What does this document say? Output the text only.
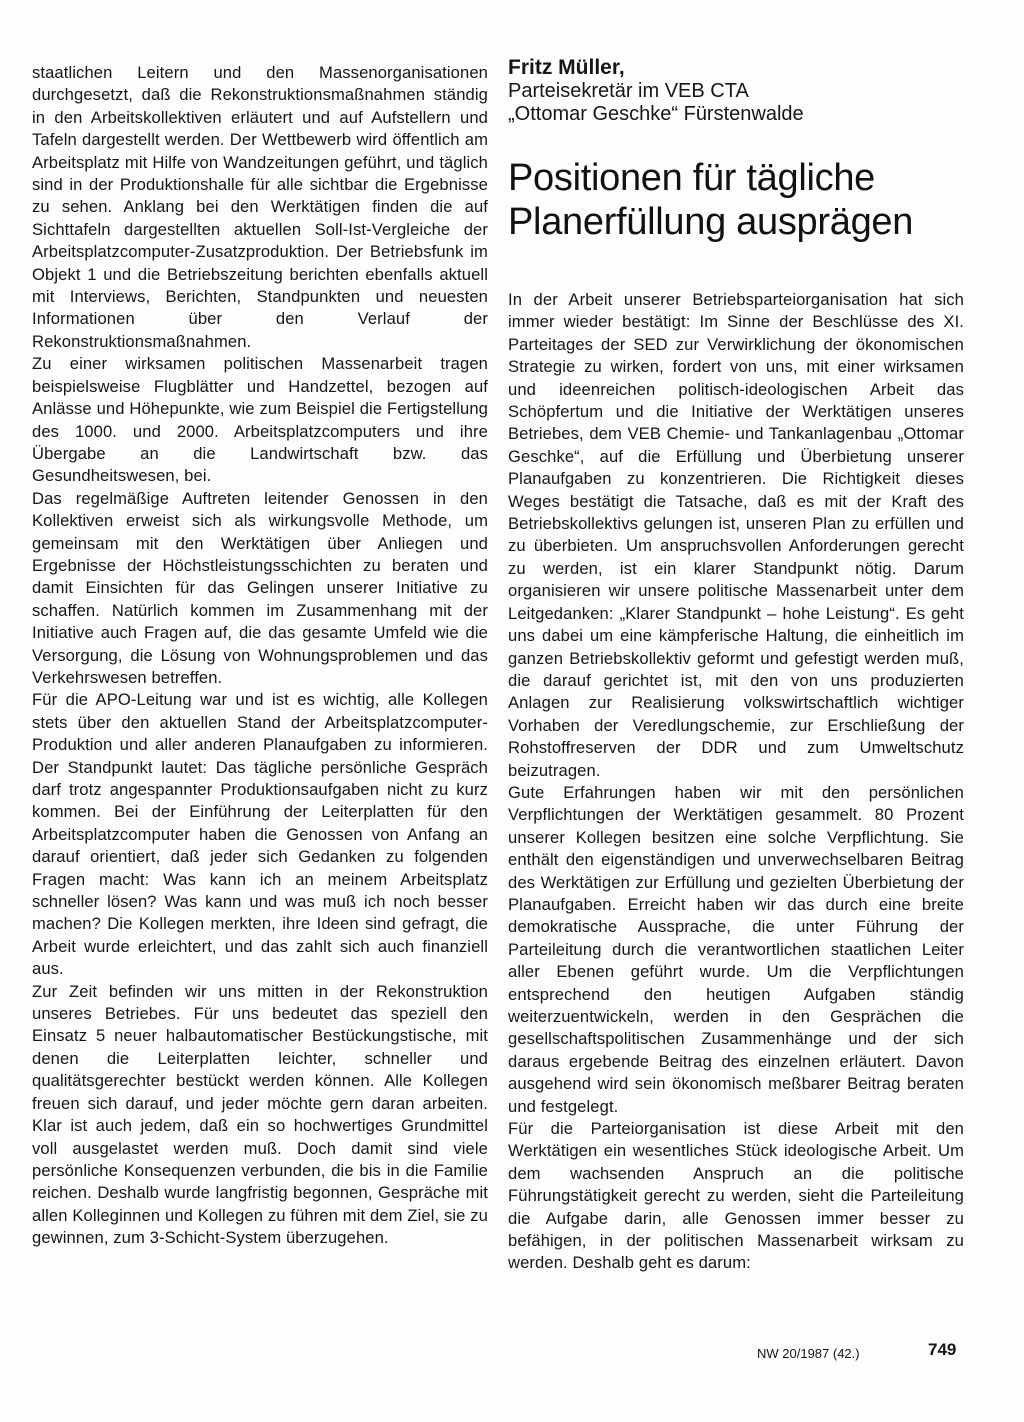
staatlichen Leitern und den Massenorganisationen durchgesetzt, daß die Rekonstruktionsmaßnahmen ständig in den Arbeitskollektiven erläutert und auf Aufstellern und Tafeln dargestellt werden. Der Wettbewerb wird öffentlich am Arbeitsplatz mit Hilfe von Wandzeitungen geführt, und täglich sind in der Produktionshalle für alle sichtbar die Ergebnisse zu sehen. Anklang bei den Werktätigen finden die auf Sichttafeln dargestellten aktuellen Soll-Ist-Vergleiche der Arbeitsplatzcomputer-Zusatzproduktion. Der Betriebsfunk im Objekt 1 und die Betriebszeitung berichten ebenfalls aktuell mit Interviews, Berichten, Standpunkten und neuesten Informationen über den Verlauf der Rekonstruktionsmaßnahmen.

Zu einer wirksamen politischen Massenarbeit tragen beispielsweise Flugblätter und Handzettel, bezogen auf Anlässe und Höhepunkte, wie zum Beispiel die Fertigstellung des 1000. und 2000. Arbeitsplatzcomputers und ihre Übergabe an die Landwirtschaft bzw. das Gesundheitswesen, bei.

Das regelmäßige Auftreten leitender Genossen in den Kollektiven erweist sich als wirkungsvolle Methode, um gemeinsam mit den Werktätigen über Anliegen und Ergebnisse der Höchstleistungsschichten zu beraten und damit Einsichten für das Gelingen unserer Initiative zu schaffen. Natürlich kommen im Zusammenhang mit der Initiative auch Fragen auf, die das gesamte Umfeld wie die Versorgung, die Lösung von Wohnungsproblemen und das Verkehrswesen betreffen.

Für die APO-Leitung war und ist es wichtig, alle Kollegen stets über den aktuellen Stand der Arbeitsplatzcomputer-Produktion und aller anderen Planaufgaben zu informieren. Der Standpunkt lautet: Das tägliche persönliche Gespräch darf trotz angespannter Produktionsaufgaben nicht zu kurz kommen. Bei der Einführung der Leiterplatten für den Arbeitsplatzcomputer haben die Genossen von Anfang an darauf orientiert, daß jeder sich Gedanken zu folgenden Fragen macht: Was kann ich an meinem Arbeitsplatz schneller lösen? Was kann und was muß ich noch besser machen? Die Kollegen merkten, ihre Ideen sind gefragt, die Arbeit wurde erleichtert, und das zahlt sich auch finanziell aus.

Zur Zeit befinden wir uns mitten in der Rekonstruktion unseres Betriebes. Für uns bedeutet das speziell den Einsatz 5 neuer halbautomatischer Bestückungstische, mit denen die Leiterplatten leichter, schneller und qualitätsgerechter bestückt werden können. Alle Kollegen freuen sich darauf, und jeder möchte gern daran arbeiten. Klar ist auch jedem, daß ein so hochwertiges Grundmittel voll ausgelastet werden muß. Doch damit sind viele persönliche Konsequenzen verbunden, die bis in die Familie reichen. Deshalb wurde langfristig begonnen, Gespräche mit allen Kolleginnen und Kollegen zu führen mit dem Ziel, sie zu gewinnen, zum 3-Schicht-System überzugehen.

Fritz Müller,

Parteisekretär im VEB CTA

„Ottomar Geschke“ Fürstenwalde

Positionen für tägliche
Planerfüllung ausprägen

In der Arbeit unserer Betriebsparteiorganisation hat sich immer wieder bestätigt: Im Sinne der Beschlüsse des XI. Parteitages der SED zur Verwirklichung der ökonomischen Strategie zu wirken, fordert von uns, mit einer wirksamen und ideenreichen politisch-ideologischen Arbeit das Schöpfertum und die Initiative der Werktätigen unseres Betriebes, dem VEB Chemie- und Tankanlagenbau „Ottomar Geschke“, auf die Erfüllung und Überbietung unserer Planaufgaben zu konzentrieren. Die Richtigkeit dieses Weges bestätigt die Tatsache, daß es mit der Kraft des Betriebskollektivs gelungen ist, unseren Plan zu erfüllen und zu überbieten. Um anspruchsvollen Anforderungen gerecht zu werden, ist ein klarer Standpunkt nötig. Darum organisieren wir unsere politische Massenarbeit unter dem Leitgedanken: „Klarer Standpunkt – hohe Leistung“. Es geht uns dabei um eine kämpferische Haltung, die einheitlich im ganzen Betriebskollektiv geformt und gefestigt werden muß, die darauf gerichtet ist, mit den von uns produzierten Anlagen zur Realisierung volkswirtschaftlich wichtiger Vorhaben der Veredlungschemie, zur Erschließung der Rohstoffreserven der DDR und zum Umweltschutz beizutragen.

Gute Erfahrungen haben wir mit den persönlichen Verpflichtungen der Werktätigen gesammelt. 80 Prozent unserer Kollegen besitzen eine solche Verpflichtung. Sie enthält den eigenständigen und unverwechselbaren Beitrag des Werktätigen zur Erfüllung und gezielten Überbietung der Planaufgaben. Erreicht haben wir das durch eine breite demokratische Aussprache, die unter Führung der Parteileitung durch die verantwortlichen staatlichen Leiter aller Ebenen geführt wurde. Um die Verpflichtungen entsprechend den heutigen Aufgaben ständig weiterzuentwickeln, werden in den Gesprächen die gesellschaftspolitischen Zusammenhänge und der sich daraus ergebende Beitrag des einzelnen erläutert. Davon ausgehend wird sein ökonomisch meßbarer Beitrag beraten und festgelegt.

Für die Parteiorganisation ist diese Arbeit mit den Werktätigen ein wesentliches Stück ideologische Arbeit. Um dem wachsenden Anspruch an die politische Führungstätigkeit gerecht zu werden, sieht die Parteileitung die Aufgabe darin, alle Genossen immer besser zu befähigen, in der politischen Massenarbeit wirksam zu werden. Deshalb geht es darum:

NW 20/1987 (42.)	749
